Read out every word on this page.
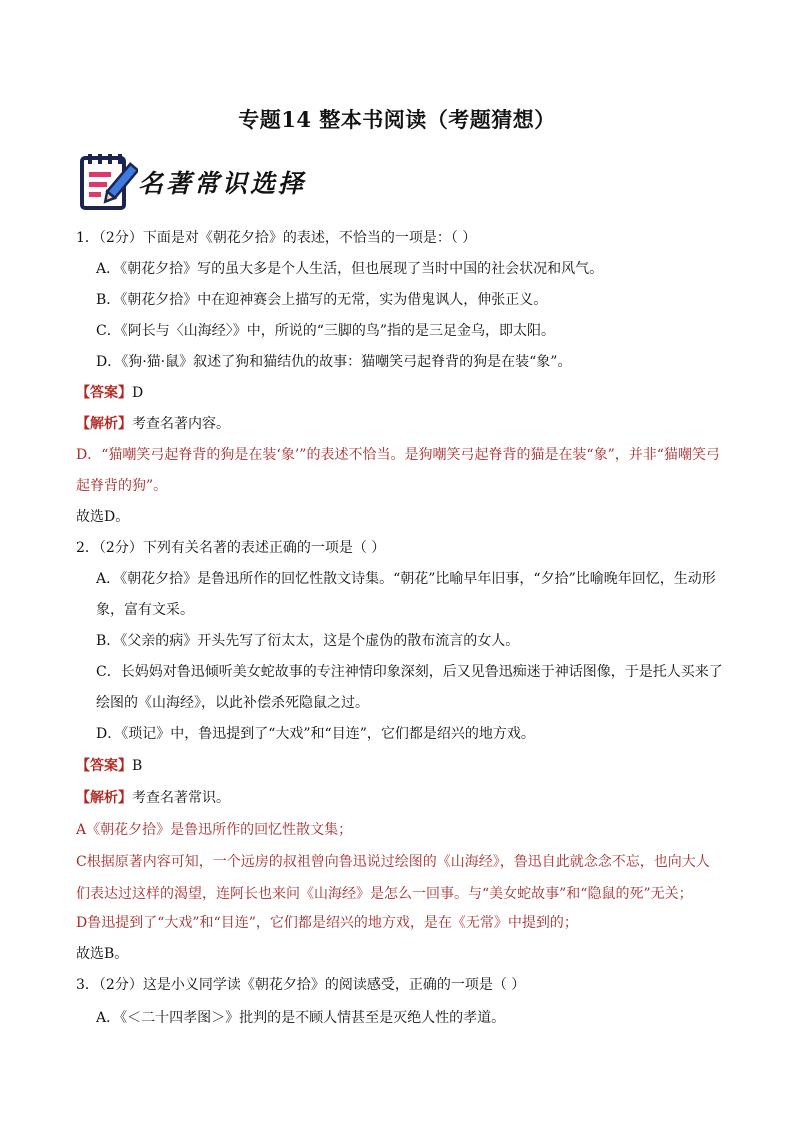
专题14 整本书阅读（考题猜想）
名著常识选择
1．（2分）下面是对《朝花夕拾》的表述，不恰当的一项是：（ ）
A．《朝花夕拾》写的虽大多是个人生活，但也展现了当时中国的社会状况和风气。
B．《朝花夕拾》中在迎神赛会上描写的无常，实为借鬼讽人，伸张正义。
C．《阿长与〈山海经〉》中，所说的“三脚的鸟”指的是三足金乌，即太阳。
D．《狗·猫·鼠》叙述了狗和猫结仇的故事：猫嘲笑弓起脊背的狗是在装“象”。
【答案】D
【解析】考查名著内容。
D．“猫嘲笑弓起脊背的狗是在装‘象’”的表述不恰当。是狗嘲笑弓起脊背的猫是在装“象”，并非“猫嘲笑弓
起脊背的狗”。
故选D。
2．（2分）下列有关名著的表述正确的一项是（ ）
A．《朝花夕拾》是鲁迅所作的回忆性散文诗集。“朝花”比喻早年旧事，“夕拾”比喻晚年回忆，生动形
象，富有文采。
B．《父亲的病》开头先写了衍太太，这是个虚伪的散布流言的女人。
C．长妈妈对鲁迅倾听美女蛇故事的专注神情印象深刻，后又见鲁迅痴迷于神话图像，于是托人买来了
绘图的《山海经》，以此补偿杀死隐鼠之过。
D．《琐记》中，鲁迅提到了“大戏”和“目连”，它们都是绍兴的地方戏。
【答案】B
【解析】考查名著常识。
A《朝花夕拾》是鲁迅所作的回忆性散文集；
C根据原著内容可知，一个远房的叔祖曾向鲁迅说过绘图的《山海经》，鲁迅自此就念念不忘，也向大人
们表达过这样的渴望，连阿长也来问《山海经》是怎么一回事。与“美女蛇故事”和“隐鼠的死”无关；
D鲁迅提到了“大戏”和“目连”，它们都是绍兴的地方戏，是在《无常》中提到的；
故选B。
3．（2分）这是小义同学读《朝花夕拾》的阅读感受，正确的一项是（ ）
A．《＜二十四孝图＞》批判的是不顾人情甚至是灭绝人性的孝道。
